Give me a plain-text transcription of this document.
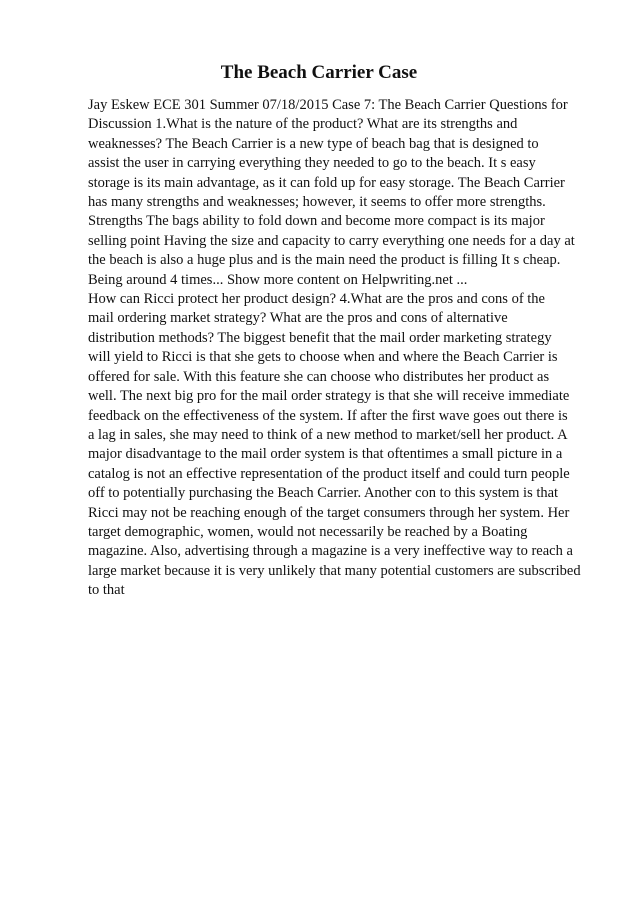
The Beach Carrier Case
Jay Eskew ECE 301 Summer 07/18/2015 Case 7: The Beach Carrier Questions for
Discussion 1.What is the nature of the product? What are its strengths and
weaknesses? The Beach Carrier is a new type of beach bag that is designed to
assist the user in carrying everything they needed to go to the beach. It s easy
storage is its main advantage, as it can fold up for easy storage. The Beach Carrier
has many strengths and weaknesses; however, it seems to offer more strengths.
Strengths The bags ability to fold down and become more compact is its major
selling point Having the size and capacity to carry everything one needs for a day at
the beach is also a huge plus and is the main need the product is filling It s cheap.
Being around 4 times... Show more content on Helpwriting.net ...
How can Ricci protect her product design? 4.What are the pros and cons of the
mail ordering market strategy? What are the pros and cons of alternative
distribution methods? The biggest benefit that the mail order marketing strategy
will yield to Ricci is that she gets to choose when and where the Beach Carrier is
offered for sale. With this feature she can choose who distributes her product as
well. The next big pro for the mail order strategy is that she will receive immediate
feedback on the effectiveness of the system. If after the first wave goes out there is
a lag in sales, she may need to think of a new method to market/sell her product. A
major disadvantage to the mail order system is that oftentimes a small picture in a
catalog is not an effective representation of the product itself and could turn people
off to potentially purchasing the Beach Carrier. Another con to this system is that
Ricci may not be reaching enough of the target consumers through her system. Her
target demographic, women, would not necessarily be reached by a Boating
magazine. Also, advertising through a magazine is a very ineffective way to reach a
large market because it is very unlikely that many potential customers are subscribed
to that
